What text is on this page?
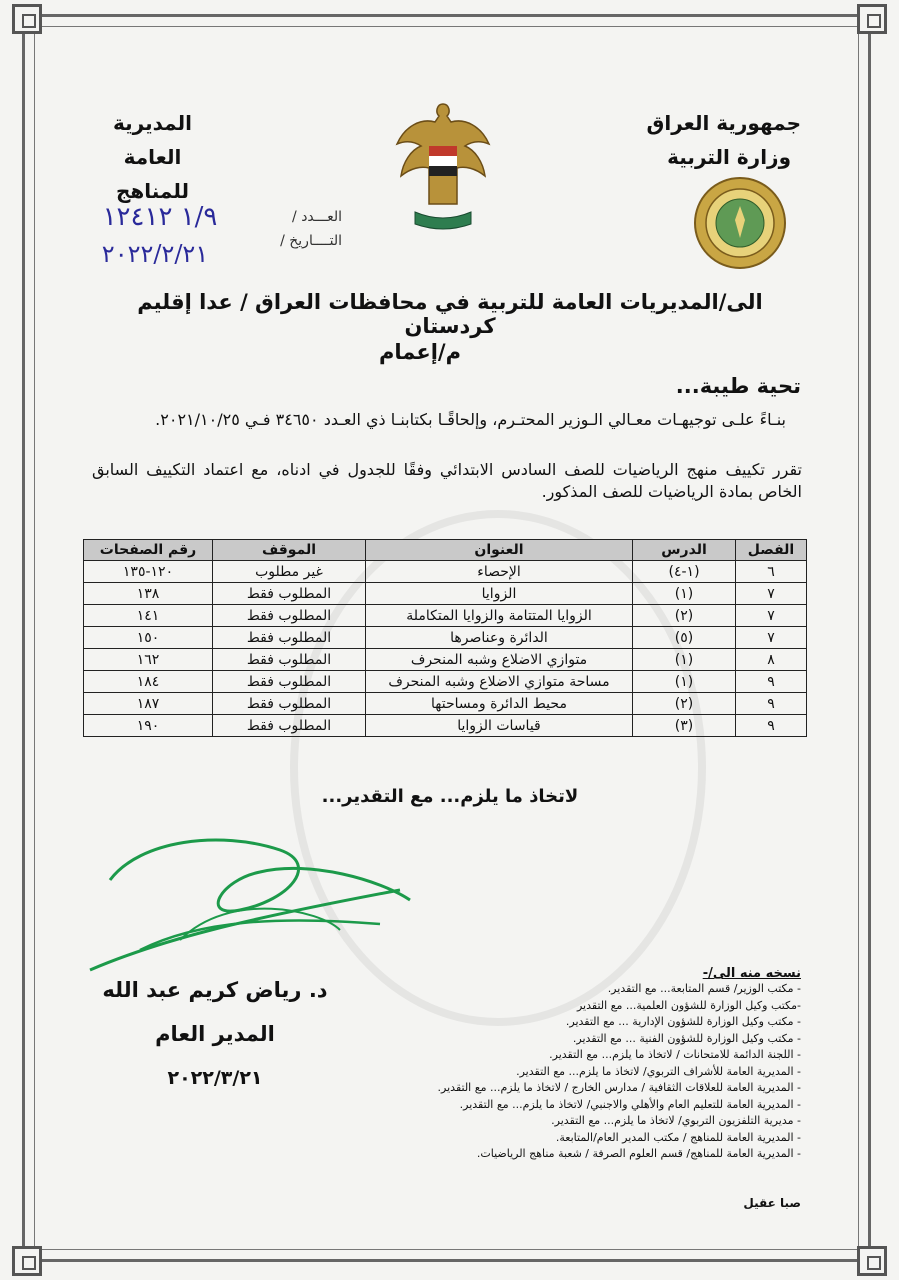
جمهورية العراق
وزارة التربية
المديرية العامة
للمناهج
العـــدد /
التــــاريخ /
١/٩ ١٢٤١٢
٢٠٢٢/٢/٢١
الى/المديريات العامة للتربية في محافظات العراق / عدا إقليم كردستان
م/إعمام
تحية طيبة...
بنـاءً علـى توجيهـات معـالي الـوزير المحتـرم، وإلحاقًـا بكتابنـا ذي العـدد ٣٤٦٥٠ فـي ٢٠٢١/١٠/٢٥.
تقرر تكييف منهج الرياضيات للصف السادس الابتدائي وفقًا للجدول في ادناه، مع اعتماد التكييف السابق الخاص بمادة الرياضيات للصف المذكور.
الفصل	الدرس	العنوان	الموقف	رقم الصفحات
٦	(١-٤)	الإحصاء	غير مطلوب	١٢٠-١٣٥
٧	(١)	الزوايا	المطلوب فقط	١٣٨
٧	(٢)	الزوايا المتتامة والزوايا المتكاملة	المطلوب فقط	١٤١
٧	(٥)	الدائرة وعناصرها	المطلوب فقط	١٥٠
٨	(١)	متوازي الاضلاع وشبه المنحرف	المطلوب فقط	١٦٢
٩	(١)	مساحة متوازي الاضلاع وشبه المنحرف	المطلوب فقط	١٨٤
٩	(٢)	محيط الدائرة ومساحتها	المطلوب فقط	١٨٧
٩	(٣)	قياسات الزوايا	المطلوب فقط	١٩٠
لاتخاذ ما يلزم... مع التقدير...
د. رياض كريم عبد الله
المدير العام
٢٠٢٢/٣/٢١
نسخه منه الى/-
- مكتب الوزير/ قسم المتابعة... مع التقدير.
-مكتب وكيل الوزارة للشؤون العلمية... مع التقدير
- مكتب وكيل الوزارة للشؤون الإدارية ... مع التقدير.
- مكتب وكيل الوزارة للشؤون الفنية ... مع التقدير.
- اللجنة الدائمة للامتحانات / لاتخاذ ما يلزم... مع التقدير.
- المديرية العامة للأشراف التربوي/ لاتخاذ ما يلزم... مع التقدير.
- المديرية العامة للعلاقات الثقافية / مدارس الخارج / لاتخاذ ما يلزم... مع التقدير.
- المديرية العامة للتعليم العام والأهلي والاجنبي/ لاتخاذ ما يلزم... مع التقدير.
- مديرية التلفزيون التربوي/ لاتخاذ ما يلزم... مع التقدير.
- المديرية العامة للمناهج / مكتب المدير العام/المتابعة.
- المديرية العامة للمناهج/ قسم العلوم الصرفة / شعبة مناهج الرياضيات.
صبا عقيل
